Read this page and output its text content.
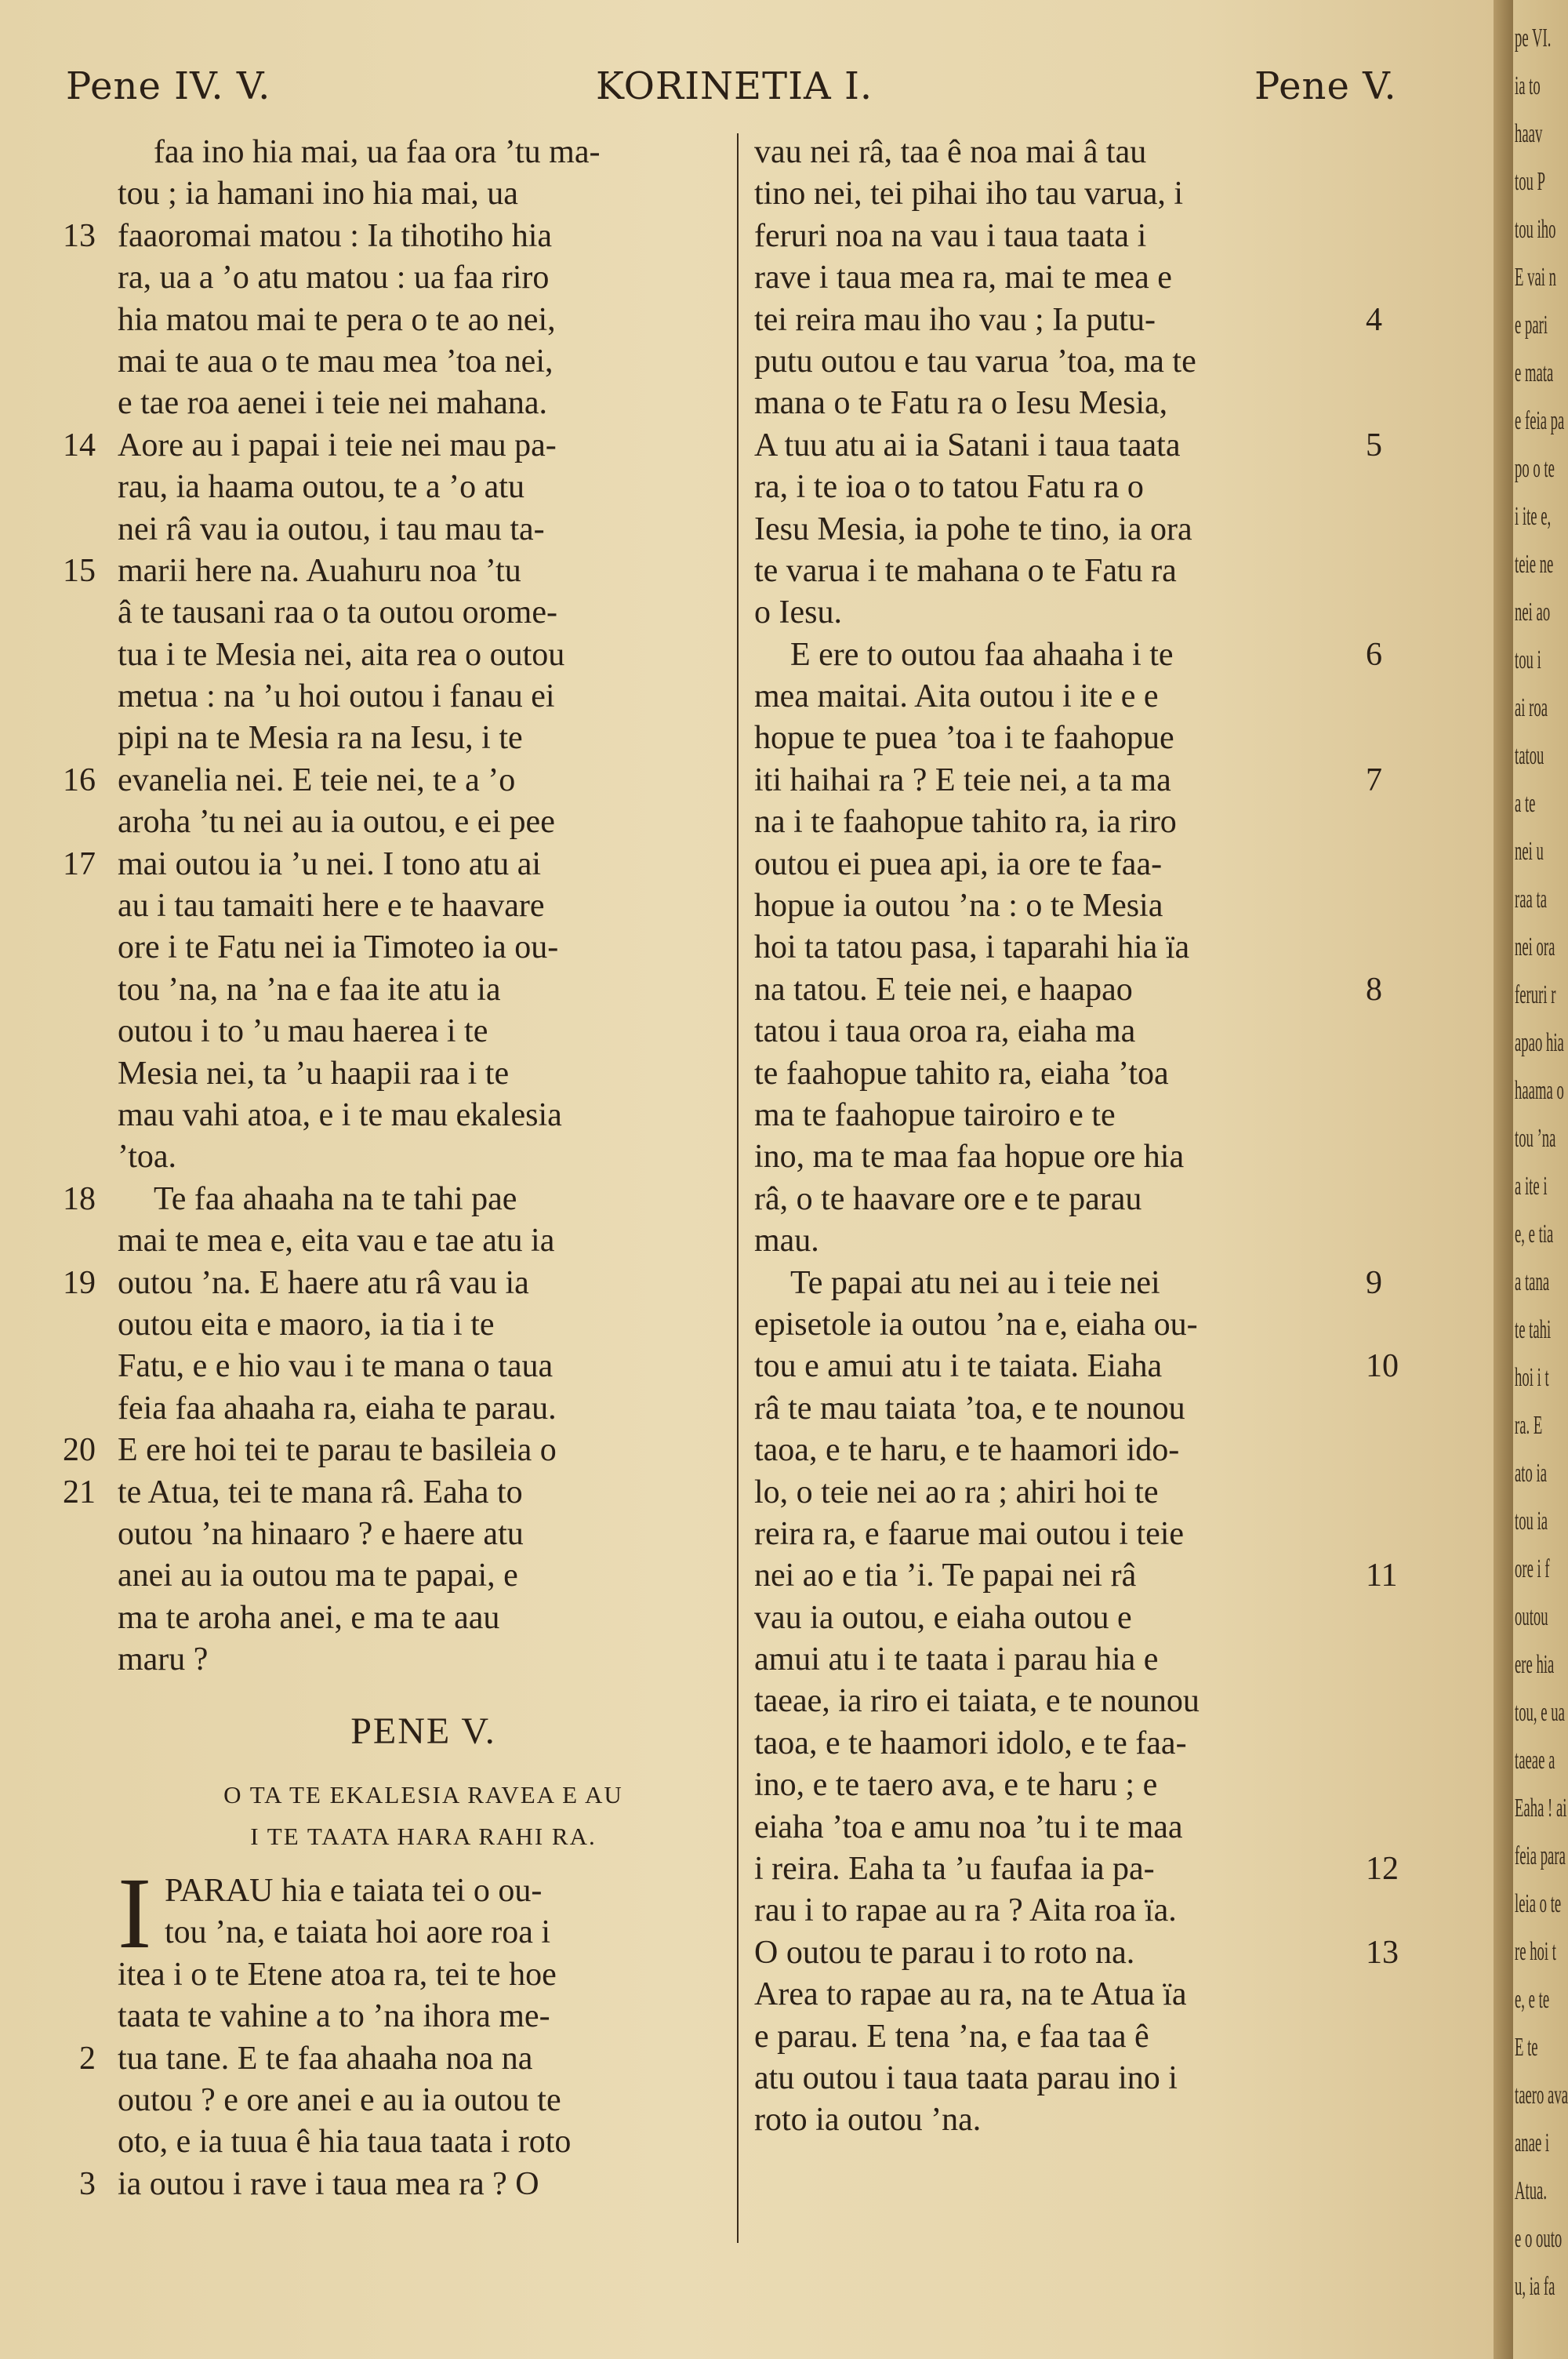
Pene IV. V.	KORINETIA I.	Pene V.
faa ino hia mai, ua faa ora ’tu ma-
tou ; ia hamani ino hia mai, ua
13 faaoromai matou : Ia tihotiho hia
ra, ua a ’o atu matou : ua faa riro
hia matou mai te pera o te ao nei,
mai te aua o te mau mea ’toa nei,
e tae roa aenei i teie nei mahana.
14 Aore au i papai i teie nei mau pa-
rau, ia haama outou, te a ’o atu
nei râ vau ia outou, i tau mau ta-
15 marii here na. Auahuru noa ’tu
â te tausani raa o ta outou orome-
tua i te Mesia nei, aita rea o outou
metua : na ’u hoi outou i fanau ei
pipi na te Mesia ra na Iesu, i te
16 evanelia nei. E teie nei, te a ’o
aroha ’tu nei au ia outou, e ei pee
17 mai outou ia ’u nei. I tono atu ai
au i tau tamaiti here e te haavare
ore i te Fatu nei ia Timoteo ia ou-
tou ’na, na ’na e faa ite atu ia
outou i to ’u mau haerea i te
Mesia nei, ta ’u haapii raa i te
mau vahi atoa, e i te mau ekalesia
’toa.
18 Te faa ahaaha na te tahi pae
mai te mea e, eita vau e tae atu ia
19 outou ’na. E haere atu râ vau ia
outou eita e maoro, ia tia i te
Fatu, e e hio vau i te mana o taua
feia faa ahaaha ra, eiaha te parau.
20 E ere hoi tei te parau te basileia o
21 te Atua, tei te mana râ. Eaha to
outou ’na hinaaro ? e haere atu
anei au ia outou ma te papai, e
ma te aroha anei, e ma te aau
maru ?
PENE V.
O TA TE EKALESIA RAVEA E AU
I TE TAATA HARA RAHI RA.
I PARAU hia e taiata tei o ou-
tou ’na, e taiata hoi aore roa i
itea i o te Etene atoa ra, tei te hoe
taata te vahine a to ’na ihora me-
2 tua tane. E te faa ahaaha noa na
outou ? e ore anei e au ia outou te
oto, e ia tuua ê hia taua taata i roto
3 ia outou i rave i taua mea ra ? O
vau nei râ, taa ê noa mai â tau
tino nei, tei pihai iho tau varua, i
feruri noa na vau i taua taata i
rave i taua mea ra, mai te mea e
4
tei reira mau iho vau ; Ia putu-
putu outou e tau varua ’toa, ma te
mana o te Fatu ra o Iesu Mesia,
5
A tuu atu ai ia Satani i taua taata
ra, i te ioa o to tatou Fatu ra o
Iesu Mesia, ia pohe te tino, ia ora
te varua i te mahana o te Fatu ra
o Iesu.
6
E ere to outou faa ahaaha i te
mea maitai. Aita outou i ite e e
hopue te puea ’toa i te faahopue
7
iti haihai ra ? E teie nei, a ta ma
na i te faahopue tahito ra, ia riro
outou ei puea api, ia ore te faa-
hopue ia outou ’na : o te Mesia
hoi ta tatou pasa, i taparahi hia ïa
8
na tatou. E teie nei, e haapao
tatou i taua oroa ra, eiaha ma
te faahopue tahito ra, eiaha ’toa
ma te faahopue tairoiro e te
ino, ma te maa faa hopue ore hia
râ, o te haavare ore e te parau
mau.
9
Te papai atu nei au i teie nei
episetole ia outou ’na e, eiaha ou-
10
tou e amui atu i te taiata. Eiaha
râ te mau taiata ’toa, e te nounou
taoa, e te haru, e te haamori ido-
lo, o teie nei ao ra ; ahiri hoi te
reira ra, e faarue mai outou i teie
11
nei ao e tia ’i. Te papai nei râ
vau ia outou, e eiaha outou e
amui atu i te taata i parau hia e
taeae, ia riro ei taiata, e te nounou
taoa, e te haamori idolo, e te faa-
ino, e te taero ava, e te haru ; e
eiaha ’toa e amu noa ’tu i te maa
12
i reira. Eaha ta ’u faufaa ia pa-
rau i to rapae au ra ? Aita roa ïa.
13
O outou te parau i to roto na.
Area to rapae au ra, na te Atua ïa
e parau. E tena ’na, e faa taa ê
atu outou i taua taata parau ino i
roto ia outou ’na.
pe VI.
ia to
haav
tou P
tou iho
E vai n
e pari
e mata
e feia pa
po o te
i ite e,
teie ne
nei ao
tou i
ai roa
tatou
a te
nei u
raa ta
nei ora
feruri r
apao hia
haama o
tou ’na
a ite i
e, e tia
a tana
te tahi
hoi i t
ra. E
ato ia
tou ia
ore i f
outou
ere hia
tou, e ua
taeae a
Eaha ! ai
feia para
leia o te
re hoi t
e, e te
E te
taero ava
anae i
Atua.
e o outo
u, ia fa
